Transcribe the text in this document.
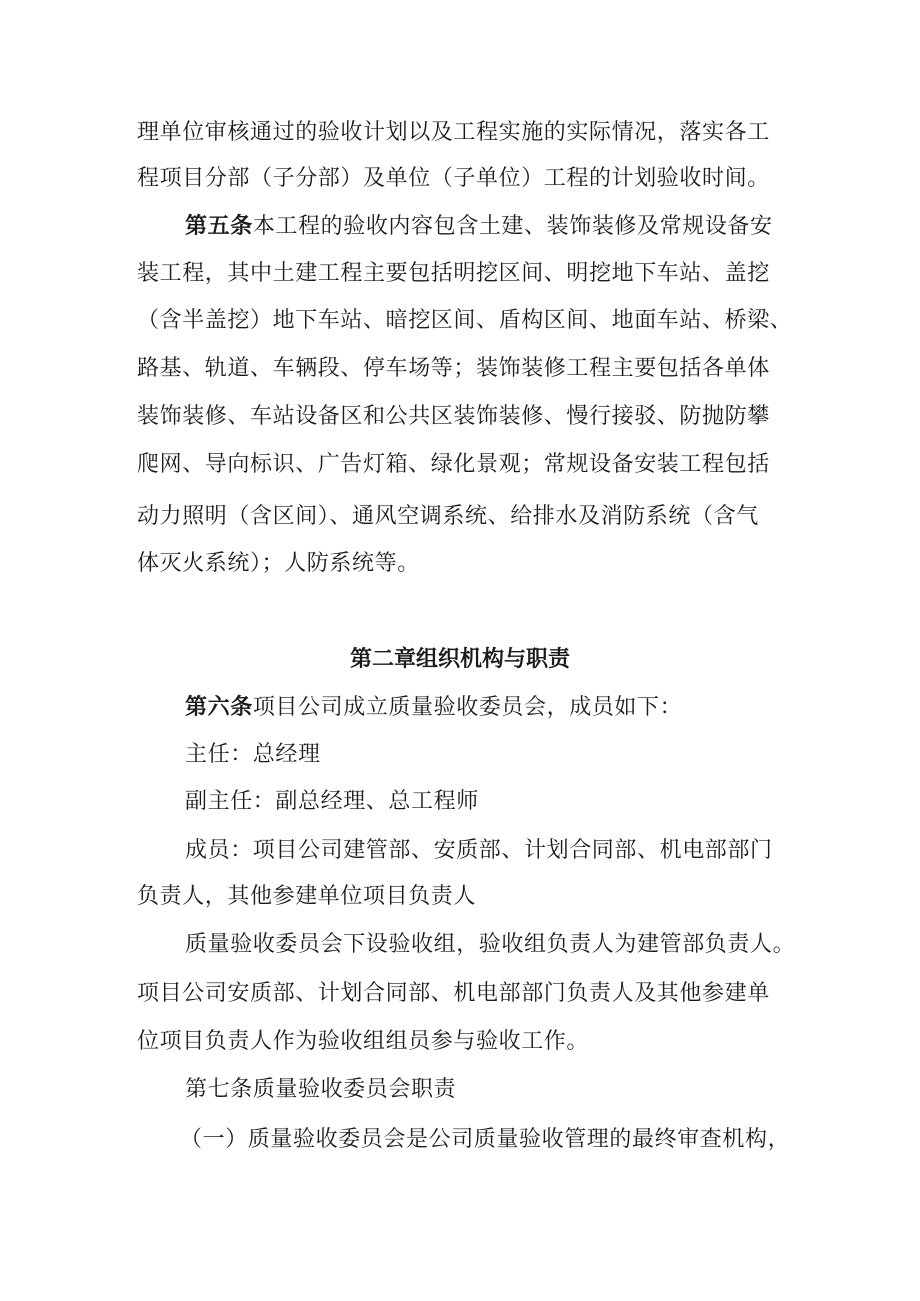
理单位审核通过的验收计划以及工程实施的实际情况，落实各工
程项目分部（子分部）及单位（子单位）工程的计划验收时间。
第五条本工程的验收内容包含土建、装饰装修及常规设备安
装工程，其中土建工程主要包括明挖区间、明挖地下车站、盖挖
（含半盖挖）地下车站、暗挖区间、盾构区间、地面车站、桥梁、
路基、轨道、车辆段、停车场等；装饰装修工程主要包括各单体
装饰装修、车站设备区和公共区装饰装修、慢行接驳、防抛防攀
爬网、导向标识、广告灯箱、绿化景观；常规设备安装工程包括
动力照明（含区间）、通风空调系统、给排水及消防系统（含气
体灭火系统）；人防系统等。
第二章组织机构与职责
第六条项目公司成立质量验收委员会，成员如下：
主任：总经理
副主任：副总经理、总工程师
成员：项目公司建管部、安质部、计划合同部、机电部部门
负责人，其他参建单位项目负责人
质量验收委员会下设验收组，验收组负责人为建管部负责人。
项目公司安质部、计划合同部、机电部部门负责人及其他参建单
位项目负责人作为验收组组员参与验收工作。
第七条质量验收委员会职责
（一）质量验收委员会是公司质量验收管理的最终审查机构，
